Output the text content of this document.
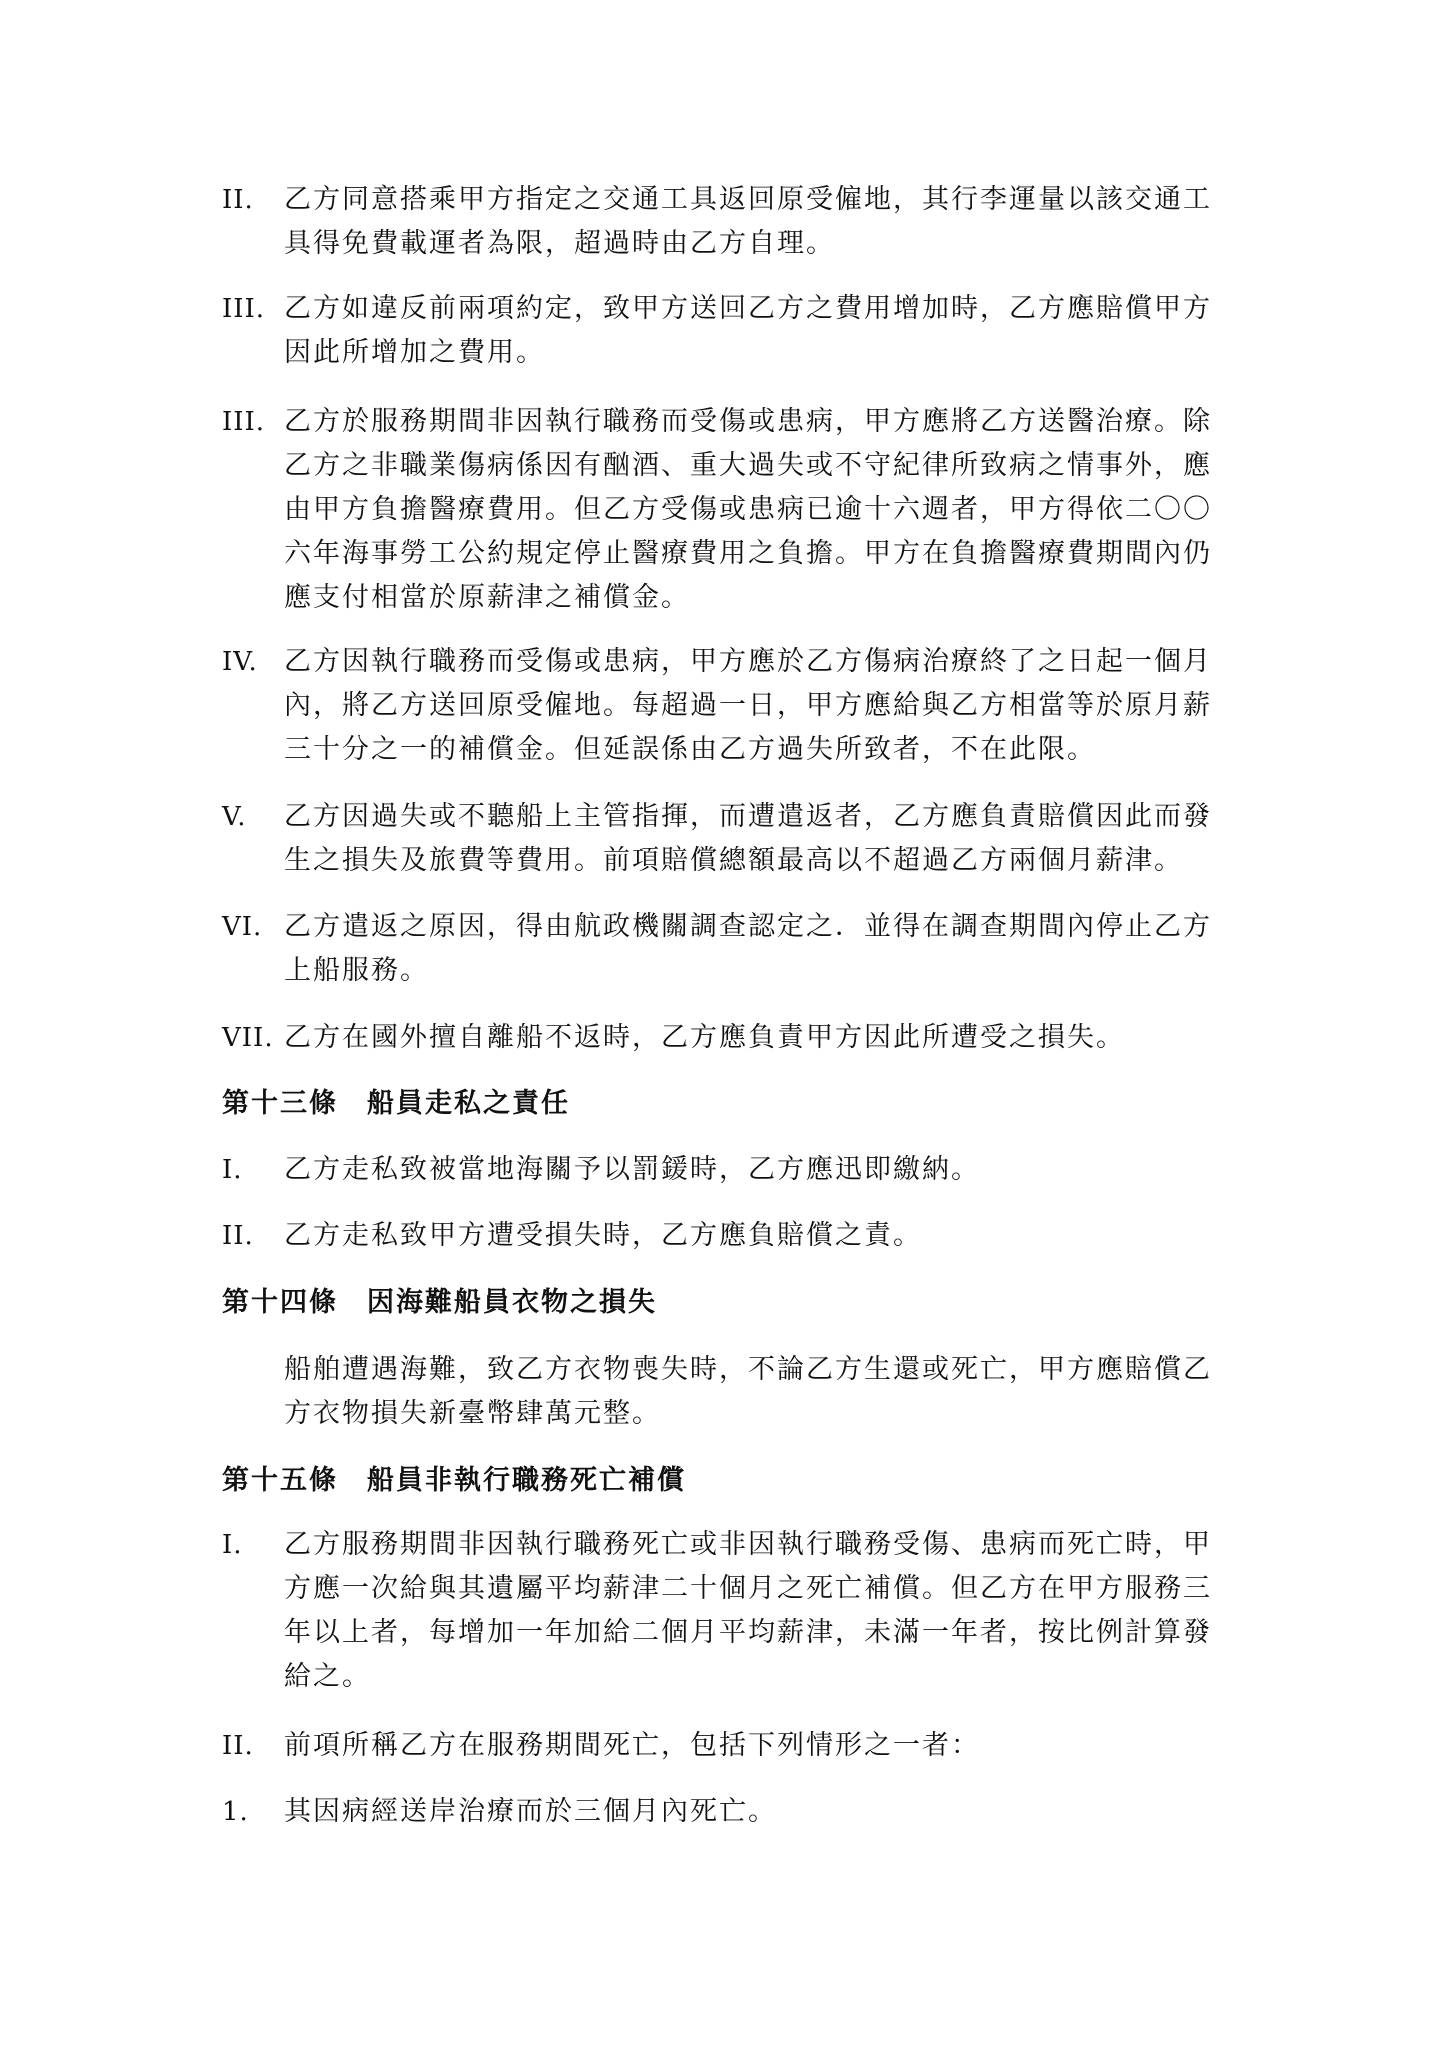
II. 乙方同意搭乘甲方指定之交通工具返回原受僱地，其行李運量以該交通工
具得免費載運者為限，超過時由乙方自理。
III. 乙方如違反前兩項約定，致甲方送回乙方之費用增加時，乙方應賠償甲方
因此所增加之費用。
III. 乙方於服務期間非因執行職務而受傷或患病，甲方應將乙方送醫治療。除
乙方之非職業傷病係因有酗酒、重大過失或不守紀律所致病之情事外，應
由甲方負擔醫療費用。但乙方受傷或患病已逾十六週者，甲方得依二〇〇
六年海事勞工公約規定停止醫療費用之負擔。甲方在負擔醫療費期間內仍
應支付相當於原薪津之補償金。
IV. 乙方因執行職務而受傷或患病，甲方應於乙方傷病治療終了之日起一個月
內，將乙方送回原受僱地。每超過一日，甲方應給與乙方相當等於原月薪
三十分之一的補償金。但延誤係由乙方過失所致者，不在此限。
V. 乙方因過失或不聽船上主管指揮，而遭遣返者，乙方應負責賠償因此而發
生之損失及旅費等費用。前項賠償總額最高以不超過乙方兩個月薪津。
VI. 乙方遣返之原因，得由航政機關調查認定之．並得在調查期間內停止乙方
上船服務。
VII. 乙方在國外擅自離船不返時，乙方應負責甲方因此所遭受之損失。
第十三條　船員走私之責任
I. 乙方走私致被當地海關予以罰鍰時，乙方應迅即繳納。
II. 乙方走私致甲方遭受損失時，乙方應負賠償之責。
第十四條　因海難船員衣物之損失
船舶遭遇海難，致乙方衣物喪失時，不論乙方生還或死亡，甲方應賠償乙
方衣物損失新臺幣肆萬元整。
第十五條　船員非執行職務死亡補償
I. 乙方服務期間非因執行職務死亡或非因執行職務受傷、患病而死亡時，甲
方應一次給與其遺屬平均薪津二十個月之死亡補償。但乙方在甲方服務三
年以上者，每增加一年加給二個月平均薪津，未滿一年者，按比例計算發
給之。
II. 前項所稱乙方在服務期間死亡，包括下列情形之一者：
1. 其因病經送岸治療而於三個月內死亡。
